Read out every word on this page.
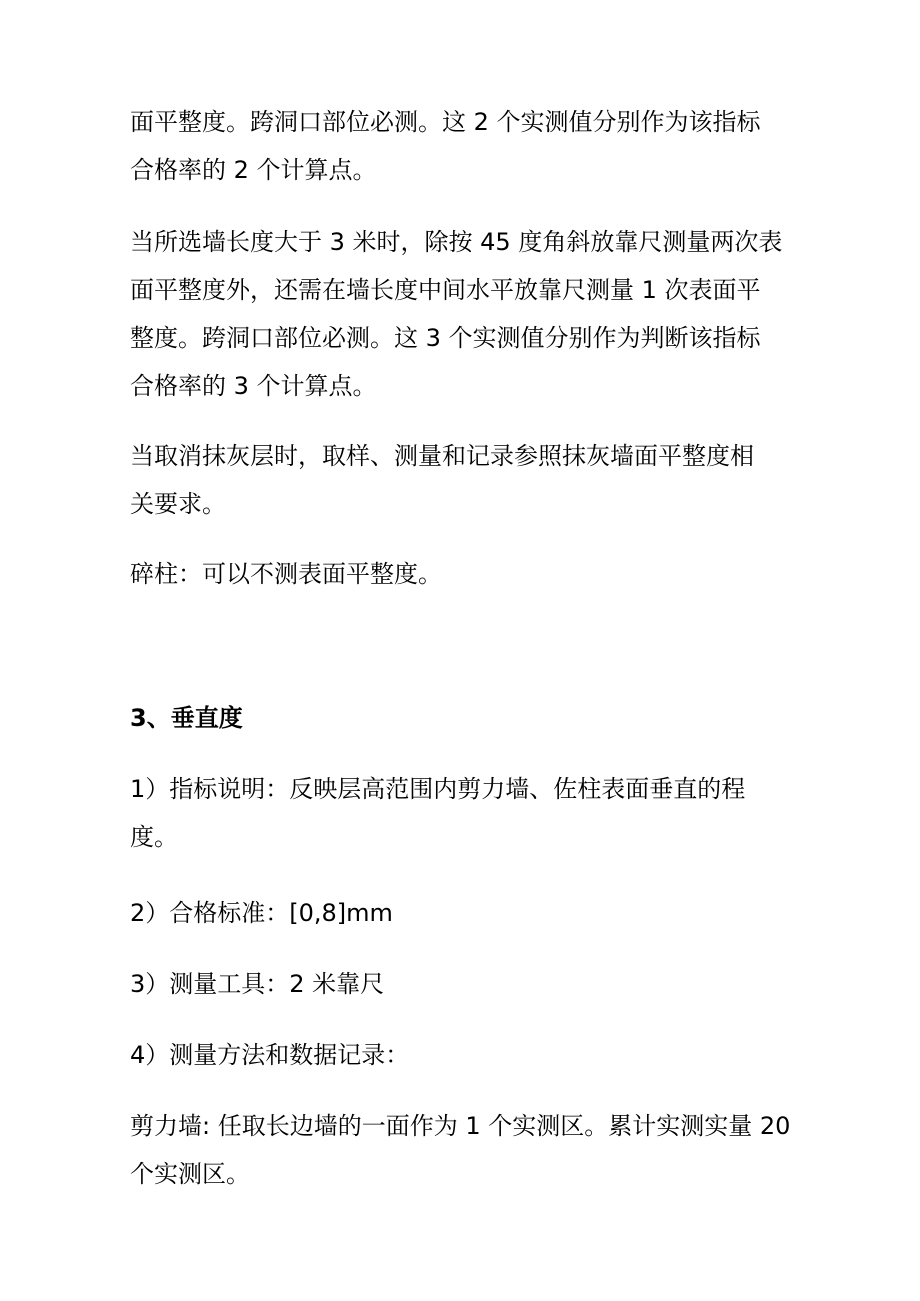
面平整度。跨洞口部位必测。这 2 个实测值分别作为该指标
合格率的 2 个计算点。
当所选墙长度大于 3 米时，除按 45 度角斜放靠尺测量两次表
面平整度外，还需在墙长度中间水平放靠尺测量 1 次表面平
整度。跨洞口部位必测。这 3 个实测值分别作为判断该指标
合格率的 3 个计算点。
当取消抹灰层时，取样、测量和记录参照抹灰墙面平整度相
关要求。
碎柱：可以不测表面平整度。
3、垂直度
1）指标说明：反映层高范围内剪力墙、佐柱表面垂直的程
度。
2）合格标准：[0,8]mm
3）测量工具：2 米靠尺
4）测量方法和数据记录：
剪力墙: 任取长边墙的一面作为 1 个实测区。累计实测实量 20
个实测区。
